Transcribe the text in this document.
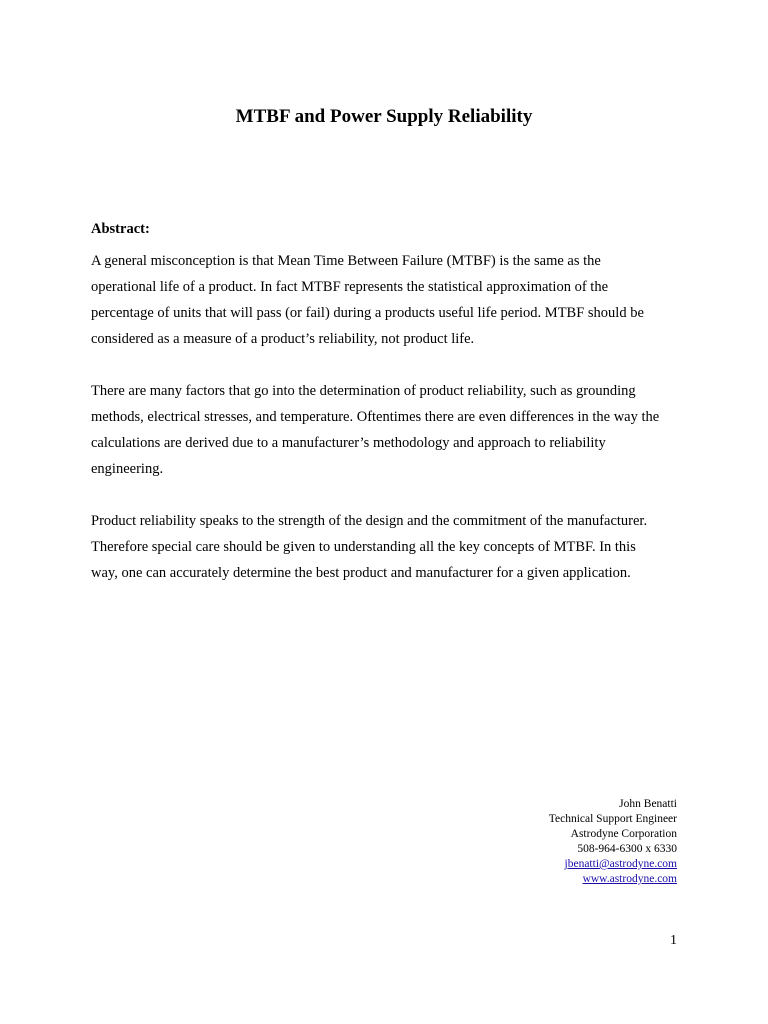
MTBF and Power Supply Reliability
Abstract:
A general misconception is that Mean Time Between Failure (MTBF) is the same as the
operational life of a product. In fact MTBF represents the statistical approximation of the
percentage of units that will pass (or fail) during a products useful life period. MTBF should be
considered as a measure of a product’s reliability, not product life.
There are many factors that go into the determination of product reliability, such as grounding
methods, electrical stresses, and temperature. Oftentimes there are even differences in the way the
calculations are derived due to a manufacturer’s methodology and approach to reliability
engineering.
Product reliability speaks to the strength of the design and the commitment of the manufacturer.
Therefore special care should be given to understanding all the key concepts of MTBF. In this
way, one can accurately determine the best product and manufacturer for a given application.
John Benatti
Technical Support Engineer
Astrodyne Corporation
508-964-6300 x 6330
jbenatti@astrodyne.com
www.astrodyne.com
1
